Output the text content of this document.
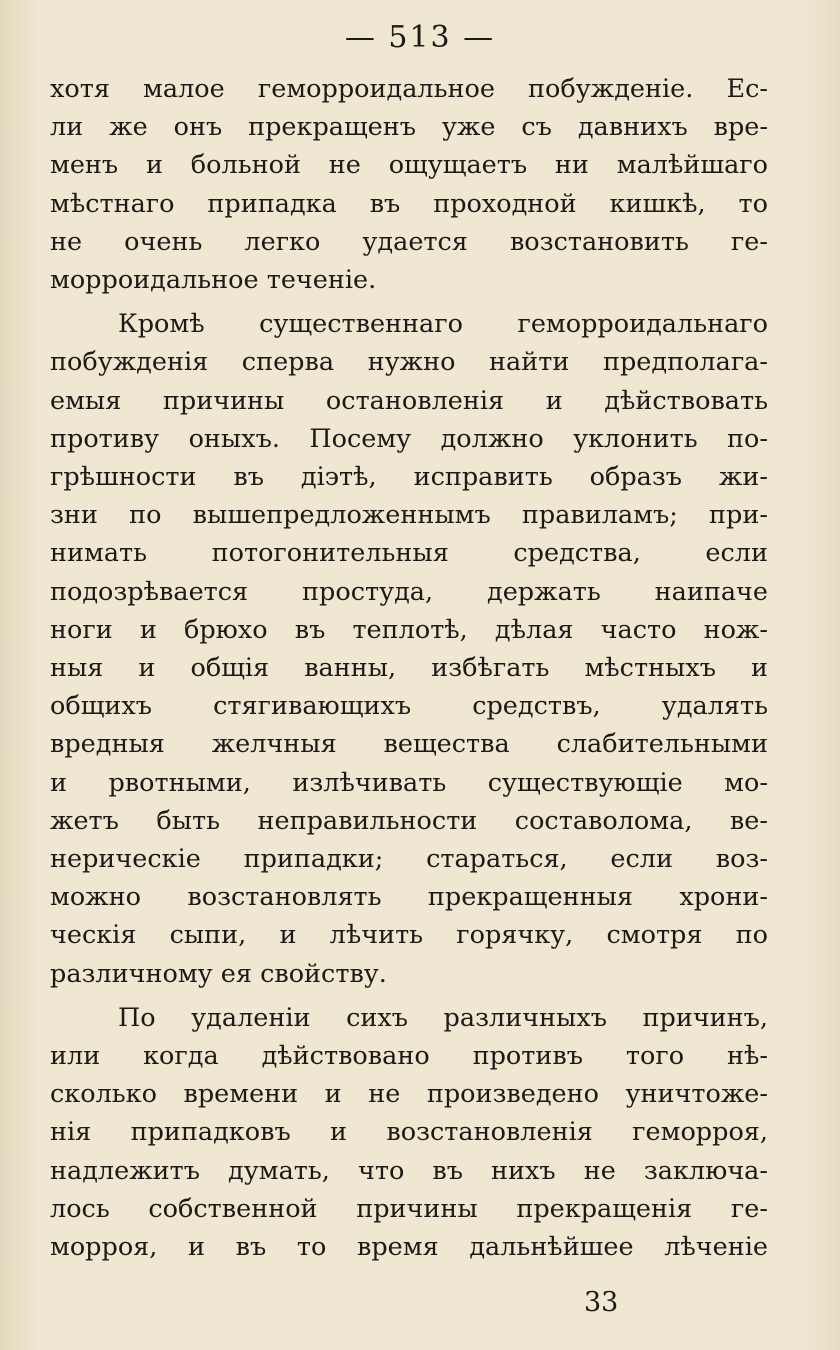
— 513 —
хотя малое геморроидальное побужденіе. Ес-
ли же онъ прекращенъ уже съ давнихъ вре-
менъ и больной не ощущаетъ ни малѣйшаго
мѣстнаго припадка въ проходной кишкѣ, то
не очень легко удается возстановить ге-
морроидальное теченіе.
Кромѣ существеннаго геморроидальнаго
побужденія сперва нужно найти предполага-
емыя причины остановленія и дѣйствовать
противу оныхъ. Посему должно уклонить по-
грѣшности въ діэтѣ, исправить образъ жи-
зни по вышепредложеннымъ правиламъ; при-
нимать потогонительныя средства, если
подозрѣвается простуда, держать наипаче
ноги и брюхо въ теплотѣ, дѣлая часто нож-
ныя и общія ванны, избѣгать мѣстныхъ и
общихъ стягивающихъ средствъ, удалять
вредныя желчныя вещества слабительными
и рвотными, излѣчивать существующіе мо-
жетъ быть неправильности составолома, ве-
нерическіе припадки; стараться, если воз-
можно возстановлять прекращенныя хрони-
ческія сыпи, и лѣчить горячку, смотря по
различному ея свойству.
По удаленіи сихъ различныхъ причинъ,
или когда дѣйствовано противъ того нѣ-
сколько времени и не произведено уничтоже-
нія припадковъ и возстановленія геморроя,
надлежитъ думать, что въ нихъ не заключа-
лось собственной причины прекращенія ге-
морроя, и въ то время дальнѣйшее лѣченіе
33
